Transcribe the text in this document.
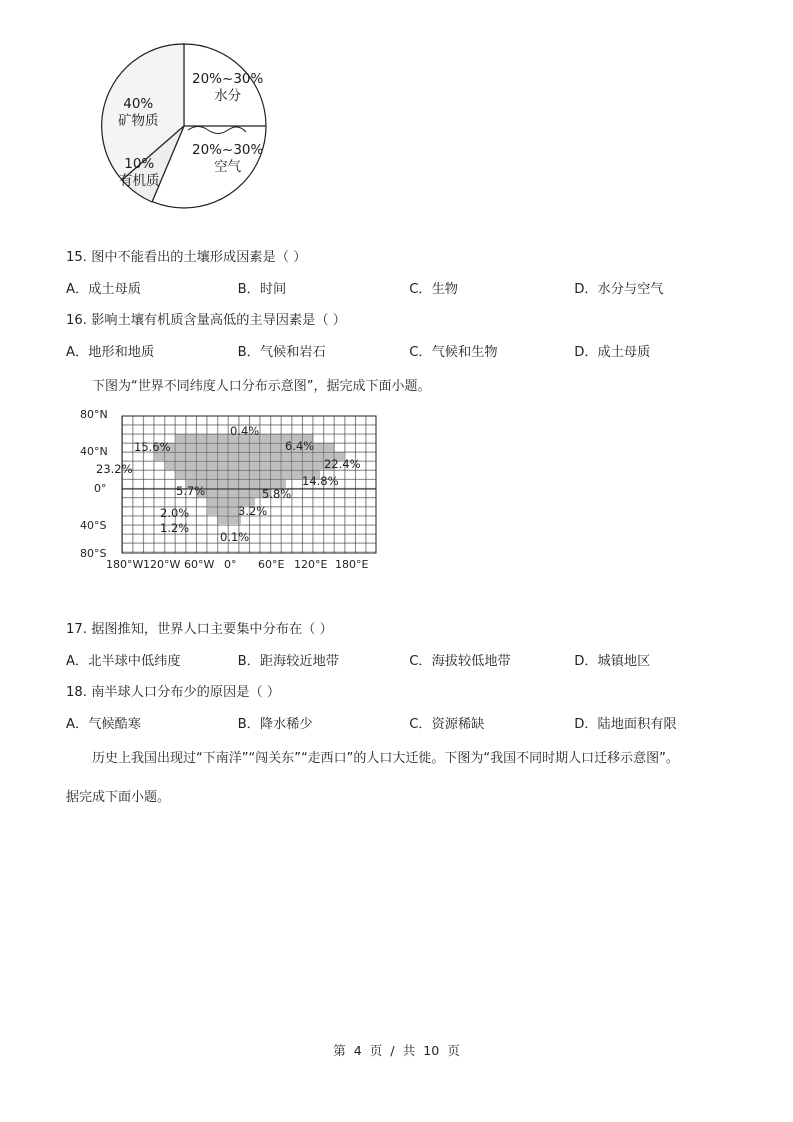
40%
矿物质
10%
有机质
20%~30%
水分
20%~30%
空气
15. 图中不能看出的土壤形成因素是（ ）
A．成土母质	B．时间	C．生物	D．水分与空气
16. 影响土壤有机质含量高低的主导因素是（ ）
A．地形和地质	B．气候和岩石	C．气候和生物	D．成土母质
下图为“世界不同纬度人口分布示意图”，据完成下面小题。
80°N
40°N
0°
40°S
80°S
180°W 120°W 60°W 0° 60°E 120°E 180°E
0.4%
15.6%	6.4%
23.2%	22.4%
14.8%
5.7%	5.8%
2.0%	3.2%
1.2%
0.1%
17. 据图推知，世界人口主要集中分布在（ ）
A．北半球中低纬度	B．距海较近地带	C．海拔较低地带	D．城镇地区
18. 南半球人口分布少的原因是（ ）
A．气候酷寒	B．降水稀少	C．资源稀缺	D．陆地面积有限
历史上我国出现过“下南洋”“闯关东”“走西口”的人口大迁徙。下图为“我国不同时期人口迁移示意图”。
据完成下面小题。
第 4 页 / 共 10 页
